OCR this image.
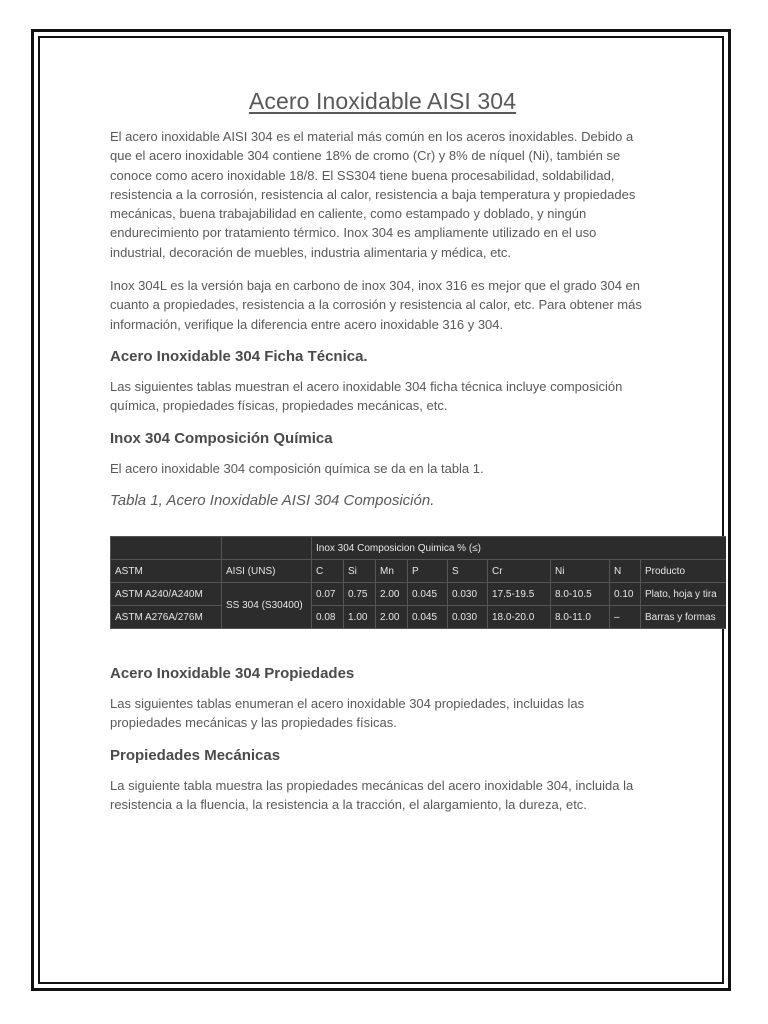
Acero Inoxidable AISI 304

El acero inoxidable AISI 304 es el material más común en los aceros inoxidables. Debido a que el acero inoxidable 304 contiene 18% de cromo (Cr) y 8% de níquel (Ni), también se conoce como acero inoxidable 18/8. El SS304 tiene buena procesabilidad, soldabilidad, resistencia a la corrosión, resistencia al calor, resistencia a baja temperatura y propiedades mecánicas, buena trabajabilidad en caliente, como estampado y doblado, y ningún endurecimiento por tratamiento térmico. Inox 304 es ampliamente utilizado en el uso industrial, decoración de muebles, industria alimentaria y médica, etc.

Inox 304L es la versión baja en carbono de inox 304, inox 316 es mejor que el grado 304 en cuanto a propiedades, resistencia a la corrosión y resistencia al calor, etc. Para obtener más información, verifique la diferencia entre acero inoxidable 316 y 304.

Acero Inoxidable 304 Ficha Técnica.

Las siguientes tablas muestran el acero inoxidable 304 ficha técnica incluye composición química, propiedades físicas, propiedades mecánicas, etc.

Inox 304 Composición Química

El acero inoxidable 304 composición química se da en la tabla 1.

Tabla 1, Acero Inoxidable AISI 304 Composición.
		Inox 304 Composicion Quimica % (≤)								
ASTM	AISI (UNS)	C	Si	Mn	P	S	Cr	Ni	N	Producto
ASTM A240/A240M	SS 304 (S30400)	0.07	0.75	2.00	0.045	0.030	17.5-19.5	8.0-10.5	0.10	Plato, hoja y tira
ASTM A276A/276M		0.08	1.00	2.00	0.045	0.030	18.0-20.0	8.0-11.0	–	Barras y formas
Acero Inoxidable 304 Propiedades

Las siguientes tablas enumeran el acero inoxidable 304 propiedades, incluidas las propiedades mecánicas y las propiedades físicas.

Propiedades Mecánicas

La siguiente tabla muestra las propiedades mecánicas del acero inoxidable 304, incluida la resistencia a la fluencia, la resistencia a la tracción, el alargamiento, la dureza, etc.
